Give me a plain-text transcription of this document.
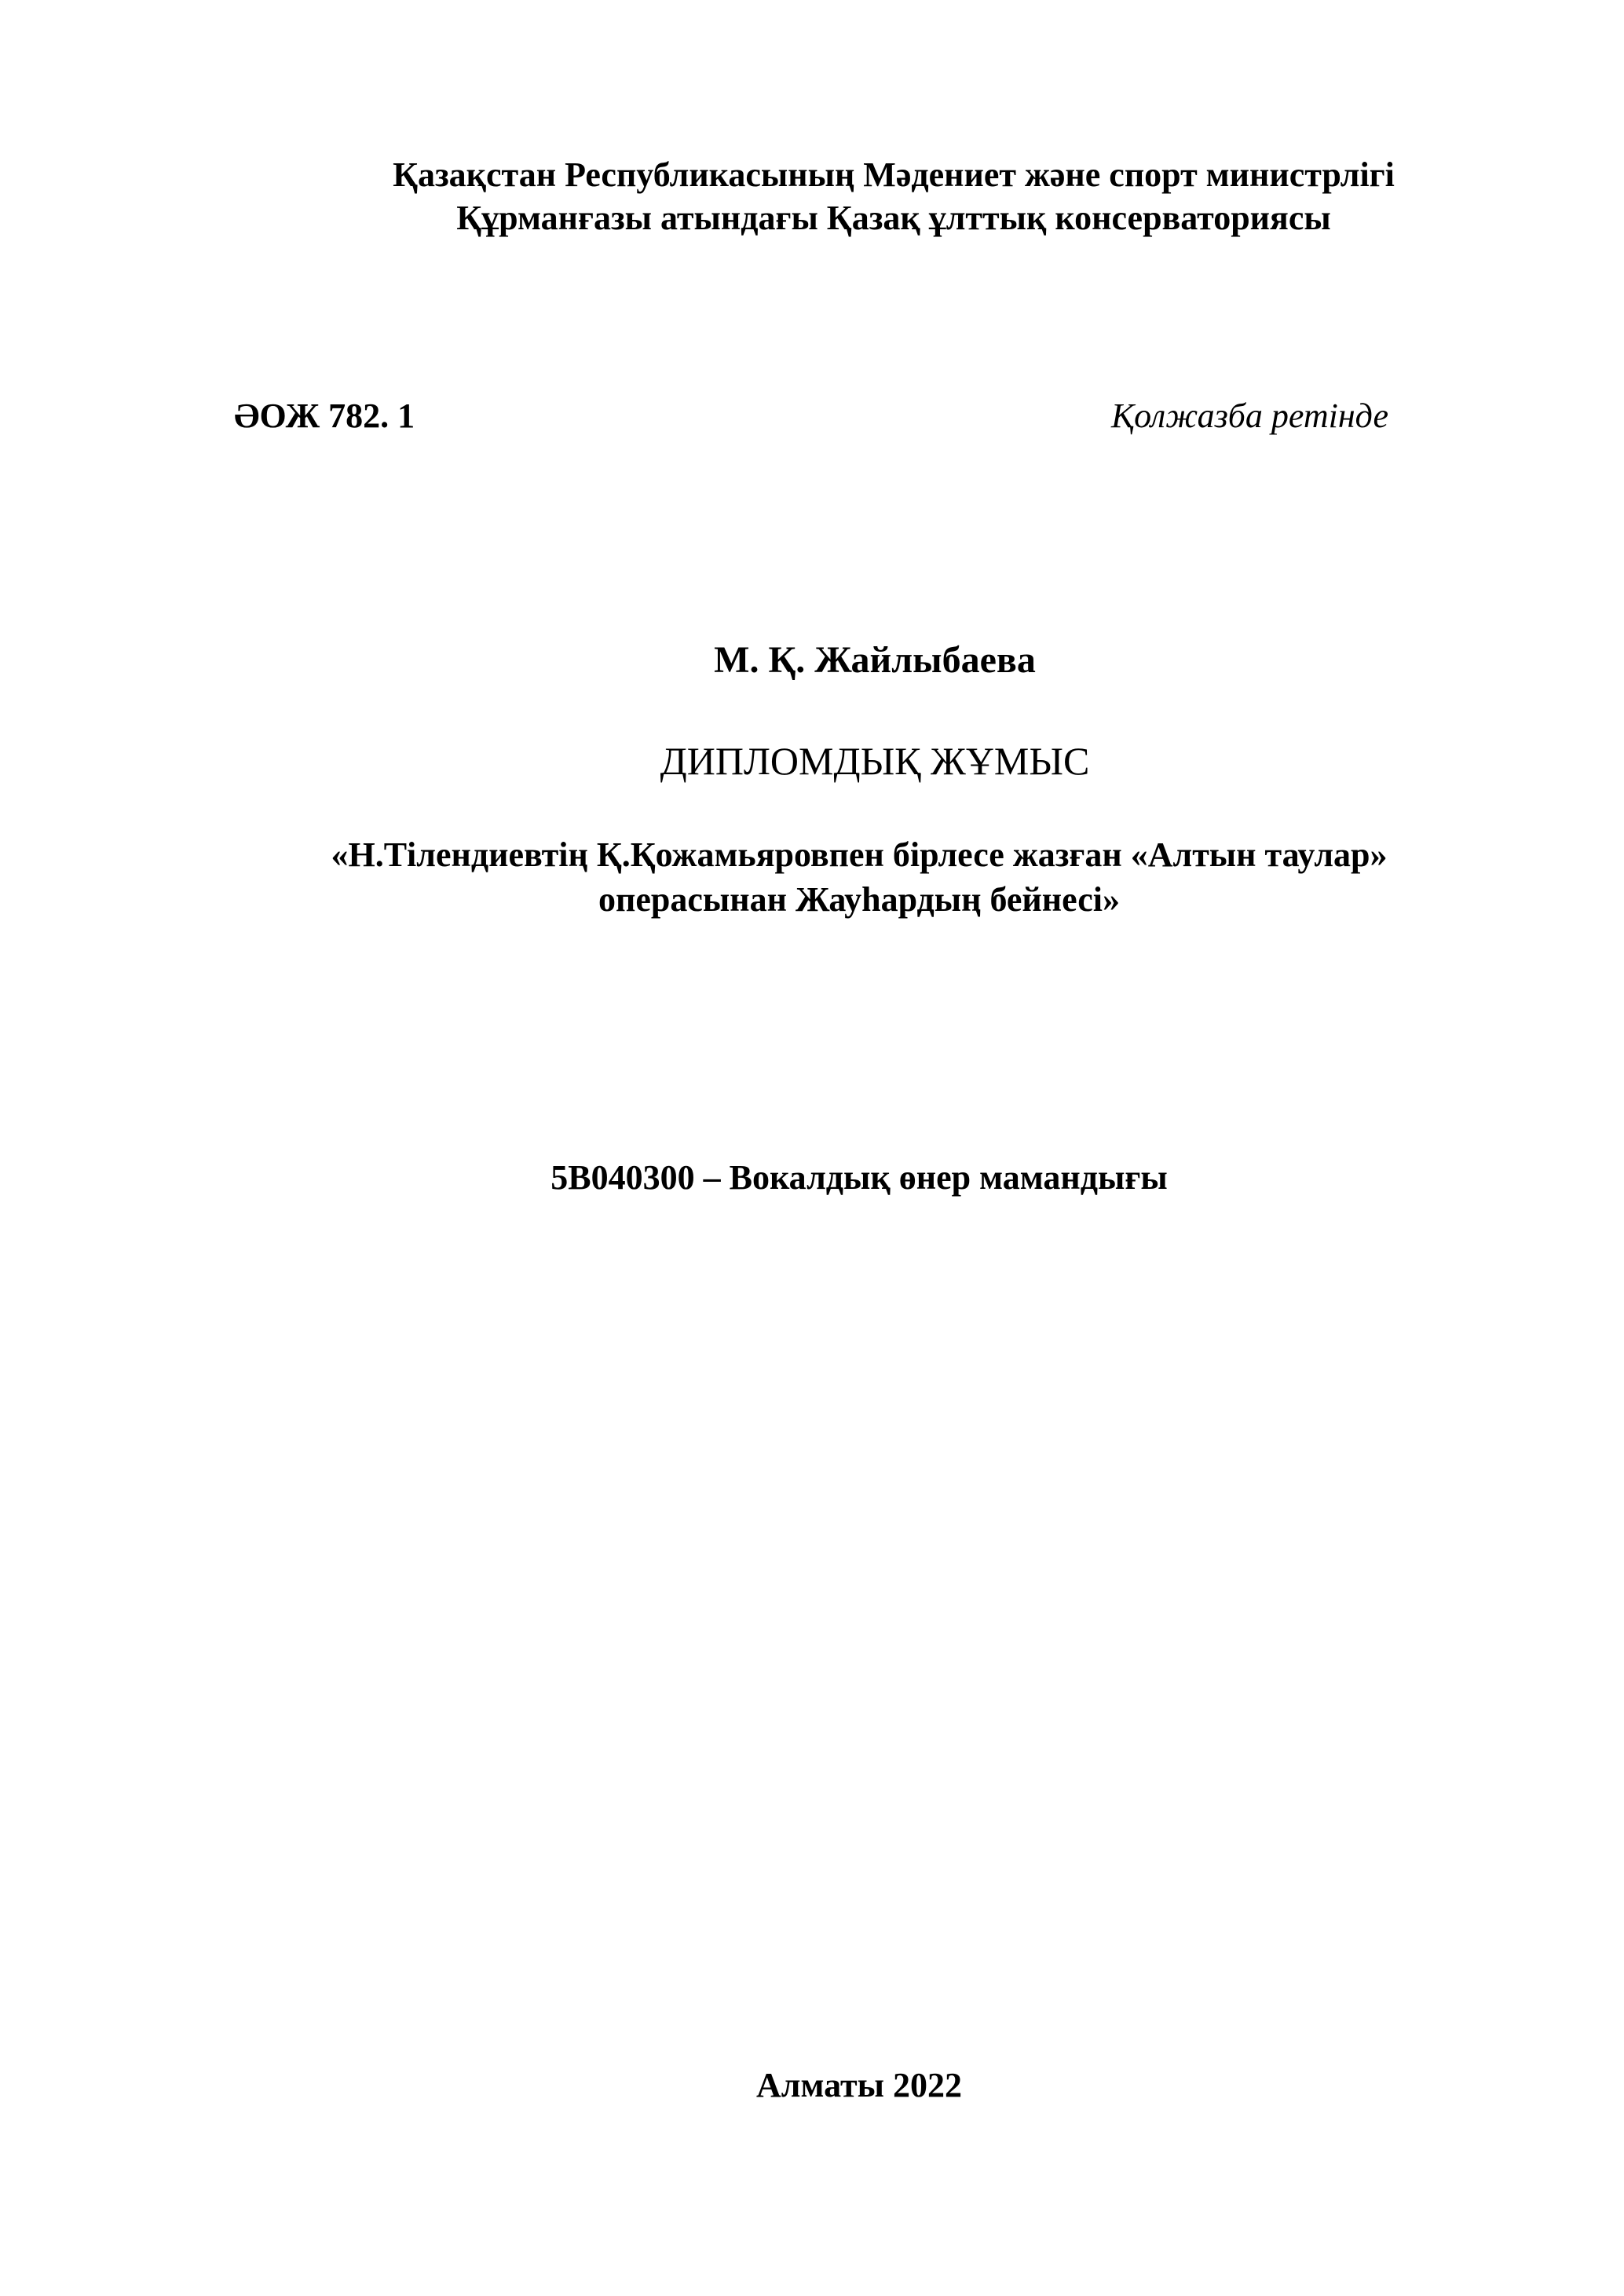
Қазақстан Республикасының Мәдениет және спорт министрлігі
Құрманғазы атындағы Қазақ ұлттық консерваториясы
ӘОЖ 782. 1	Қолжазба ретінде
М. Қ. Жайлыбаева
ДИПЛОМДЫҚ ЖҰМЫС
«Н.Тілендиевтің Қ.Қожамьяровпен бірлесе жазған «Алтын таулар»
операсынан Жауһардың бейнесі»
5В040300 – Вокалдық өнер мамандығы
Алматы 2022
